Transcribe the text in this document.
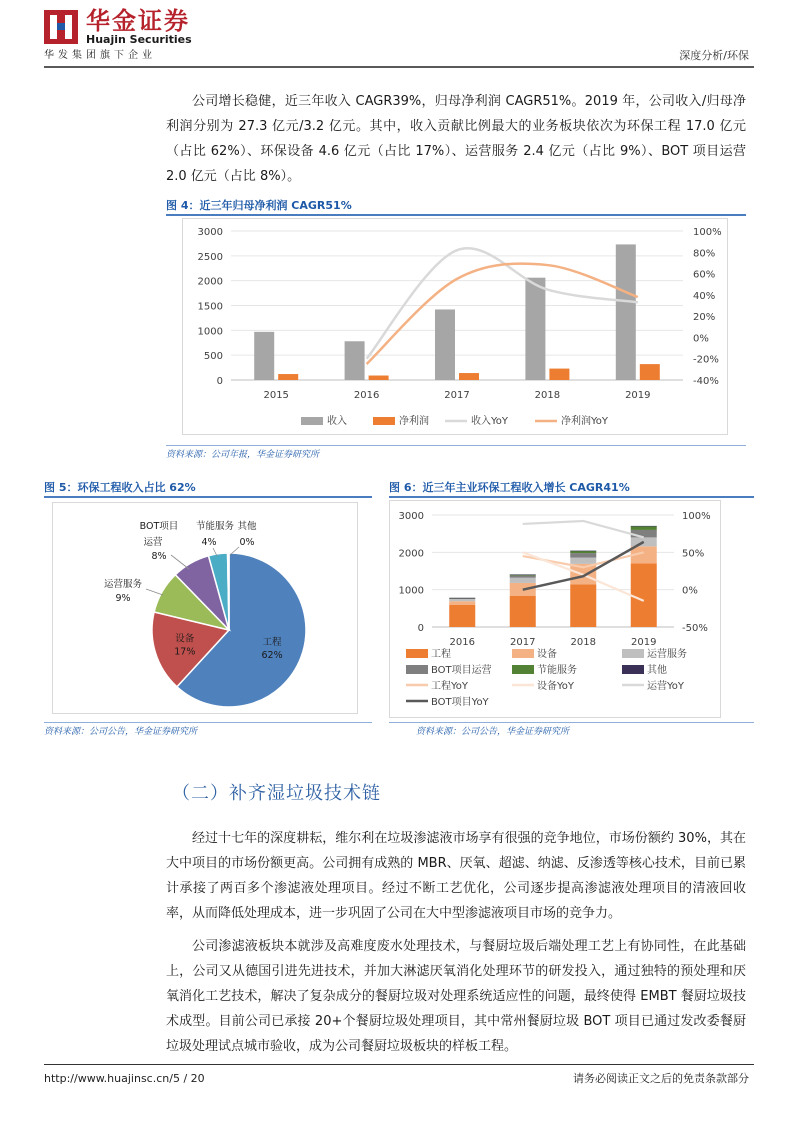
华金证券
Huajin Securities
华发集团旗下企业	深度分析/环保

公司增长稳健，近三年收入 CAGR39%，归母净利润 CAGR51%。2019 年，公司收入/归母净利润分别为 27.3 亿元/3.2 亿元。其中，收入贡献比例最大的业务板块依次为环保工程 17.0 亿元（占比 62%）、环保设备 4.6 亿元（占比 17%）、运营服务 2.4 亿元（占比 9%）、BOT 项目运营 2.0 亿元（占比 8%）。

图 4：近三年归母净利润 CAGR51%
3000
2500
2000
1500
1000
500
0
100%
80%
60%
40%
20%
0%
-20%
-40%
2015	2016	2017	2018	2019
收入	净利润	收入YoY	净利润YoY
资料来源：公司年报，华金证券研究所
图 5：环保工程收入占比 62%
工程
62%
设备
17%
运营服务
9%
BOT项目
运营
8%
节能服务
4%
其他
0%
资料来源：公司公告，华金证券研究所
图 6：近三年主业环保工程收入增长 CAGR41%
3000
2000
1000
0
100%
50%
0%
-50%
2016	2017	2018	2019
工程	设备	运营服务
BOT项目运营	节能服务	其他
工程YoY	设备YoY	运营YoY
BOT项目YoY
资料来源：公司公告，华金证券研究所
（二）补齐湿垃圾技术链

经过十七年的深度耕耘，维尔利在垃圾渗滤液市场享有很强的竞争地位，市场份额约 30%，其在大中项目的市场份额更高。公司拥有成熟的 MBR、厌氧、超滤、纳滤、反渗透等核心技术，目前已累计承接了两百多个渗滤液处理项目。经过不断工艺优化，公司逐步提高渗滤液处理项目的清液回收率，从而降低处理成本，进一步巩固了公司在大中型渗滤液项目市场的竞争力。

公司渗滤液板块本就涉及高难度废水处理技术，与餐厨垃圾后端处理工艺上有协同性，在此基础上，公司又从德国引进先进技术，并加大淋滤厌氧消化处理环节的研发投入，通过独特的预处理和厌氧消化工艺技术，解决了复杂成分的餐厨垃圾对处理系统适应性的问题，最终使得 EMBT 餐厨垃圾技术成型。目前公司已承接 20+个餐厨垃圾处理项目，其中常州餐厨垃圾 BOT 项目已通过发改委餐厨垃圾处理试点城市验收，成为公司餐厨垃圾板块的样板工程。

http://www.huajinsc.cn/5 / 20	请务必阅读正文之后的免责条款部分
